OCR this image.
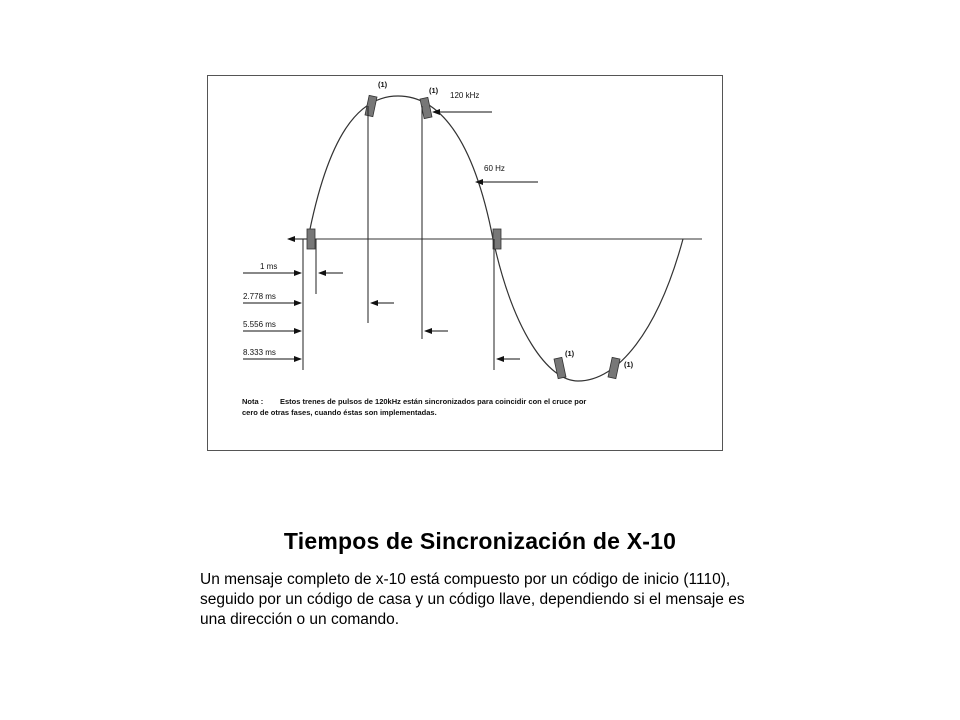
(1)
(1)
(1)
(1)
120 kHz
60 Hz
1 ms
2.778 ms
5.556 ms
8.333 ms
Nota : Estos trenes de pulsos de 120kHz están sincronizados para coincidir con el cruce por
cero de otras fases, cuando éstas son implementadas.
Tiempos de Sincronización de X-10
Un mensaje completo de x-10 está compuesto por un código de inicio (1110), seguido por un código de casa y un código llave, dependiendo si el mensaje es una dirección o un comando.
